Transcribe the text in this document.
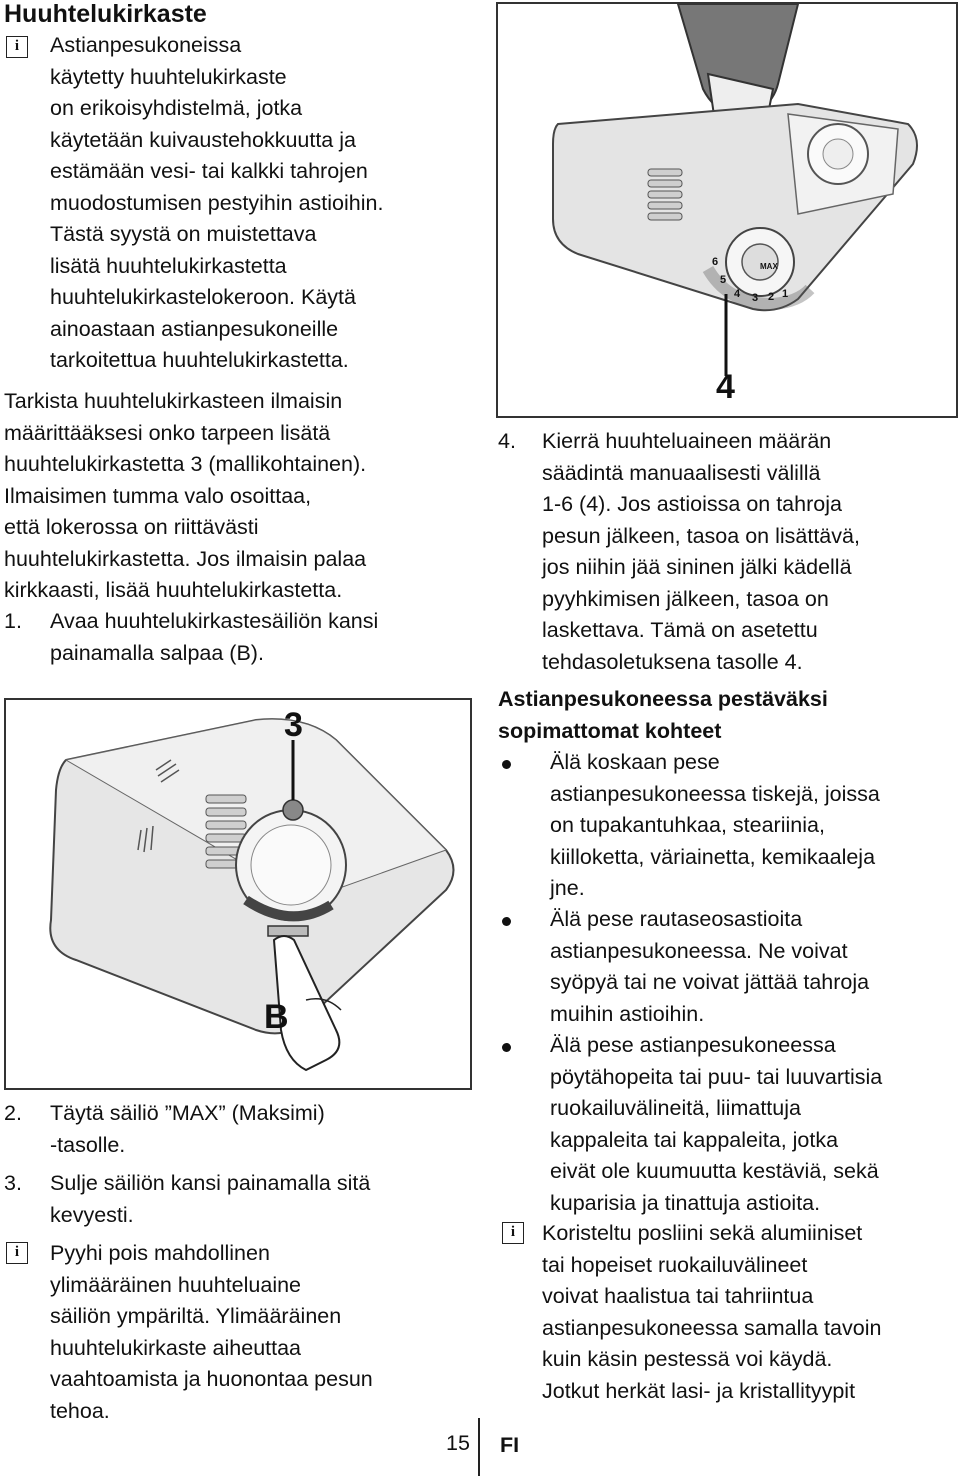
Huuhtelukirkaste
i	Astianpesukoneissa
käytetty huuhtelukirkaste
on erikoisyhdistelmä, jotka
käytetään kuivaustehokkuutta ja
estämään vesi- tai kalkki tahrojen
muodostumisen pestyihin astioihin.
Tästä syystä on muistettava
lisätä huuhtelukirkastetta
huuhtelukirkastelokeroon. Käytä
ainoastaan astianpesukoneille
tarkoitettua huuhtelukirkastetta.
Tarkista huuhtelukirkasteen ilmaisin
määrittääksesi onko tarpeen lisätä
huuhtelukirkastetta 3 (mallikohtainen).
Ilmaisimen tumma valo osoittaa,
että lokerossa on riittävästi
huuhtelukirkastetta. Jos ilmaisin palaa
kirkkaasti, lisää huuhtelukirkastetta.
1. Avaa huuhtelukirkastesäiliön kansi
painamalla salpaa (B).
3
B
2. Täytä säiliö ”MAX” (Maksimi)
-tasolle.
3. Sulje säiliön kansi painamalla sitä
kevyesti.
i	Pyyhi pois mahdollinen
ylimääräinen huuhteluaine
säiliön ympäriltä. Ylimääräinen
huuhtelukirkaste aiheuttaa
vaahtoamista ja huonontaa pesun
tehoa.
15 FI
6
5
4 3 2 1
MAX
4
4. Kierrä huuhteluaineen määrän
säädintä manuaalisesti välillä
1-6 (4). Jos astioissa on tahroja
pesun jälkeen, tasoa on lisättävä,
jos niihin jää sininen jälki kädellä
pyyhkimisen jälkeen, tasoa on
laskettava. Tämä on asetettu
tehdasoletuksena tasolle 4.
Astianpesukoneessa pestäväksi
sopimattomat kohteet
Älä koskaan pese
astianpesukoneessa tiskejä, joissa
on tupakantuhkaa, steariinia,
kiilloketta, väriainetta, kemikaaleja
jne.
Älä pese rautaseosastioita
astianpesukoneessa. Ne voivat
syöpyä tai ne voivat jättää tahroja
muihin astioihin.
Älä pese astianpesukoneessa
pöytähopeita tai puu- tai luuvartisia
ruokailuvälineitä, liimattuja
kappaleita tai kappaleita, jotka
eivät ole kuumuutta kestäviä, sekä
kuparisia ja tinattuja astioita.
i	Koristeltu posliini sekä alumiiniset
tai hopeiset ruokailuvälineet
voivat haalistua tai tahriintua
astianpesukoneessa samalla tavoin
kuin käsin pestessä voi käydä.
Jotkut herkät lasi- ja kristallityypit
